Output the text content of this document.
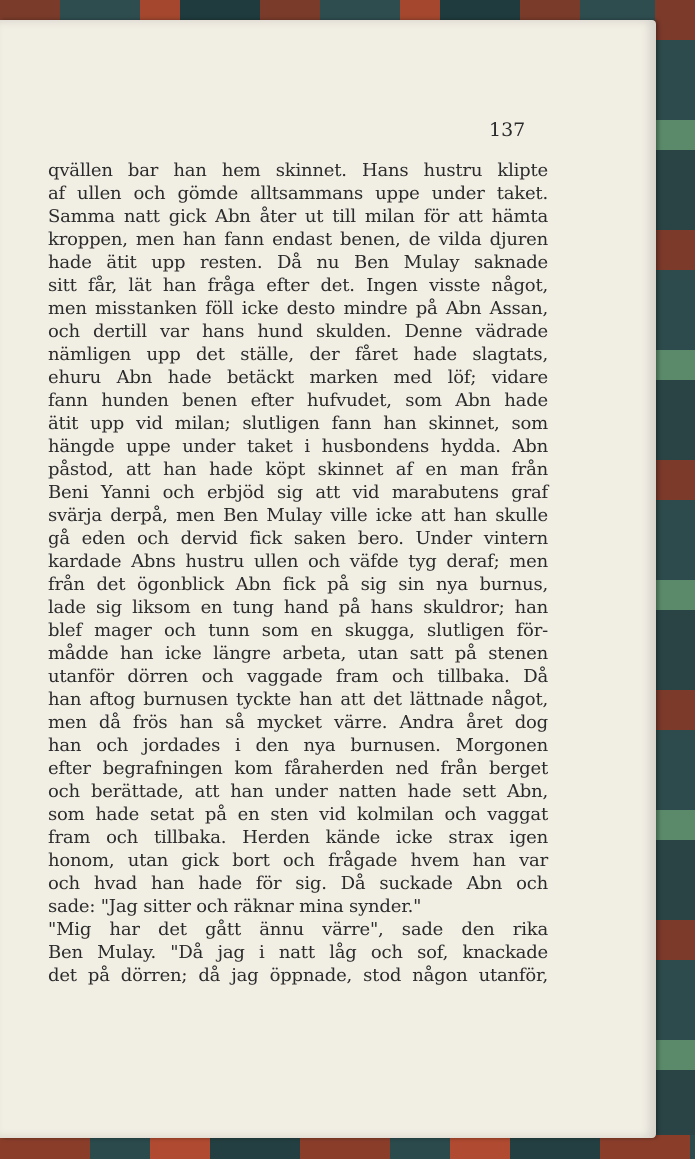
137
qvällen bar han hem skinnet. Hans hustru klipte
af ullen och gömde alltsammans uppe under taket.
Samma natt gick Abn åter ut till milan för att hämta
kroppen, men han fann endast benen, de vilda djuren
hade ätit upp resten. Då nu Ben Mulay saknade
sitt får, lät han fråga efter det. Ingen visste något,
men misstanken föll icke desto mindre på Abn Assan,
och dertill var hans hund skulden. Denne vädrade
nämligen upp det ställe, der fåret hade slagtats,
ehuru Abn hade betäckt marken med löf; vidare
fann hunden benen efter hufvudet, som Abn hade
ätit upp vid milan; slutligen fann han skinnet, som
hängde uppe under taket i husbondens hydda. Abn
påstod, att han hade köpt skinnet af en man från
Beni Yanni och erbjöd sig att vid marabutens graf
svärja derpå, men Ben Mulay ville icke att han skulle
gå eden och dervid fick saken bero. Under vintern
kardade Abns hustru ullen och väfde tyg deraf; men
från det ögonblick Abn fick på sig sin nya burnus,
lade sig liksom en tung hand på hans skuldror; han
blef mager och tunn som en skugga, slutligen för-
mådde han icke längre arbeta, utan satt på stenen
utanför dörren och vaggade fram och tillbaka. Då
han aftog burnusen tyckte han att det lättnade något,
men då frös han så mycket värre. Andra året dog
han och jordades i den nya burnusen. Morgonen
efter begrafningen kom fåraherden ned från berget
och berättade, att han under natten hade sett Abn,
som hade setat på en sten vid kolmilan och vaggat
fram och tillbaka. Herden kände icke strax igen
honom, utan gick bort och frågade hvem han var
och hvad han hade för sig. Då suckade Abn och
sade: "Jag sitter och räknar mina synder."
"Mig har det gått ännu värre", sade den rika
Ben Mulay. "Då jag i natt låg och sof, knackade
det på dörren; då jag öppnade, stod någon utanför,
